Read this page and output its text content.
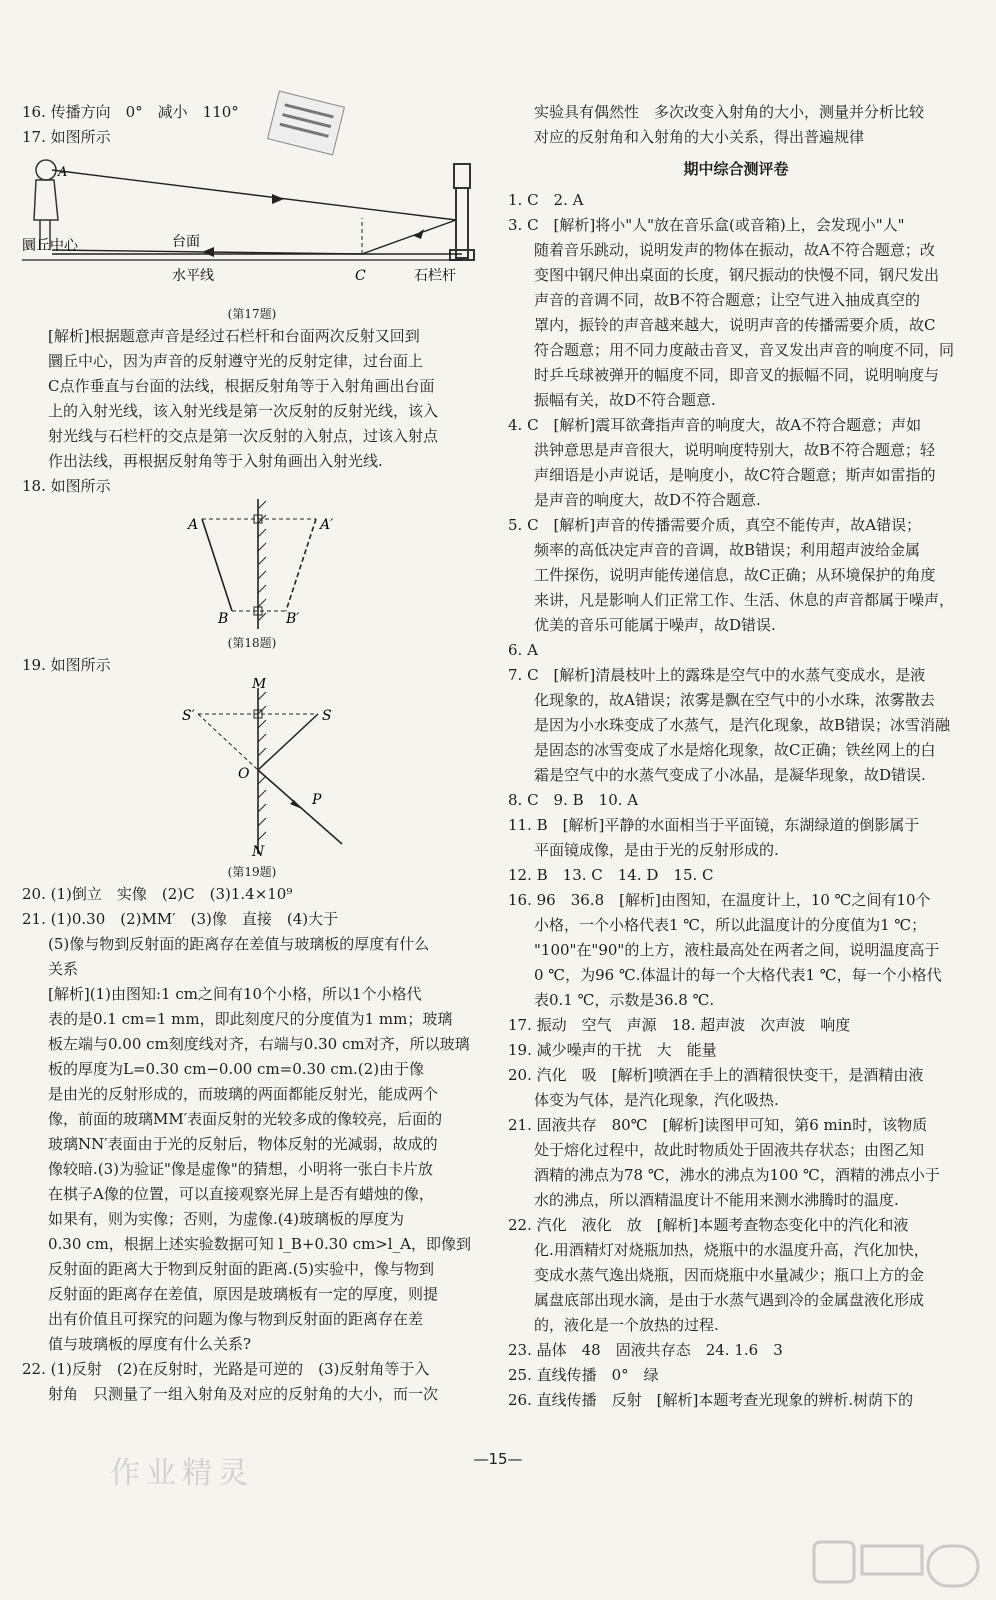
16. 传播方向　0°　减小　110°
17. 如图所示
A
C
圜丘中心	台面
水平线	石栏杆
(第17题)
[解析]根据题意声音是经过石栏杆和台面两次反射又回到
圜丘中心，因为声音的反射遵守光的反射定律，过台面上
C点作垂直与台面的法线，根据反射角等于入射角画出台面
上的入射光线，该入射光线是第一次反射的反射光线，该入
射光线与石栏杆的交点是第一次反射的入射点，过该入射点
作出法线，再根据反射角等于入射角画出入射光线.
18. 如图所示
A	A′
B	B′
(第18题)
19. 如图所示
M
N
S
S′
O
P
(第19题)
20. (1)倒立　实像　(2)C　(3)1.4×10⁹
21. (1)0.30　(2)MM′　(3)像　直接　(4)大于
(5)像与物到反射面的距离存在差值与玻璃板的厚度有什么
关系
[解析](1)由图知:1 cm之间有10个小格，所以1个小格代
表的是0.1 cm=1 mm，即此刻度尺的分度值为1 mm；玻璃
板左端与0.00 cm刻度线对齐，右端与0.30 cm对齐，所以玻璃
板的厚度为L=0.30 cm−0.00 cm=0.30 cm.(2)由于像
是由光的反射形成的，而玻璃的两面都能反射光，能成两个
像，前面的玻璃MM′表面反射的光较多成的像较亮，后面的
玻璃NN′表面由于光的反射后，物体反射的光减弱，故成的
像较暗.(3)为验证"像是虚像"的猜想，小明将一张白卡片放
在棋子A像的位置，可以直接观察光屏上是否有蜡烛的像，
如果有，则为实像；否则，为虚像.(4)玻璃板的厚度为
0.30 cm，根据上述实验数据可知 l_B+0.30 cm>l_A，即像到
反射面的距离大于物到反射面的距离.(5)实验中，像与物到
反射面的距离存在差值，原因是玻璃板有一定的厚度，则提
出有价值且可探究的问题为像与物到反射面的距离存在差
值与玻璃板的厚度有什么关系?
22. (1)反射　(2)在反射时，光路是可逆的　(3)反射角等于入
射角　只测量了一组入射角及对应的反射角的大小，而一次
实验具有偶然性　多次改变入射角的大小，测量并分析比较
对应的反射角和入射角的大小关系，得出普遍规律
期中综合测评卷
1. C　2. A
3. C　[解析]将小"人"放在音乐盒(或音箱)上，会发现小"人"
随着音乐跳动，说明发声的物体在振动，故A不符合题意；改
变图中钢尺伸出桌面的长度，钢尺振动的快慢不同，钢尺发出
声音的音调不同，故B不符合题意；让空气进入抽成真空的
罩内，振铃的声音越来越大，说明声音的传播需要介质，故C
符合题意；用不同力度敲击音叉，音叉发出声音的响度不同，同
时乒乓球被弹开的幅度不同，即音叉的振幅不同，说明响度与
振幅有关，故D不符合题意.
4. C　[解析]震耳欲聋指声音的响度大，故A不符合题意；声如
洪钟意思是声音很大，说明响度特别大，故B不符合题意；轻
声细语是小声说话，是响度小，故C符合题意；斯声如雷指的
是声音的响度大，故D不符合题意.
5. C　[解析]声音的传播需要介质，真空不能传声，故A错误；
频率的高低决定声音的音调，故B错误；利用超声波给金属
工件探伤，说明声能传递信息，故C正确；从环境保护的角度
来讲，凡是影响人们正常工作、生活、休息的声音都属于噪声，
优美的音乐可能属于噪声，故D错误.
6. A
7. C　[解析]清晨枝叶上的露珠是空气中的水蒸气变成水，是液
化现象的，故A错误；浓雾是飘在空气中的小水珠，浓雾散去
是因为小水珠变成了水蒸气，是汽化现象，故B错误；冰雪消融
是固态的冰雪变成了水是熔化现象，故C正确；铁丝网上的白
霜是空气中的水蒸气变成了小冰晶，是凝华现象，故D错误.
8. C　9. B　10. A
11. B　[解析]平静的水面相当于平面镜，东湖绿道的倒影属于
平面镜成像，是由于光的反射形成的.
12. B　13. C　14. D　15. C
16. 96　36.8　[解析]由图知，在温度计上，10 ℃之间有10个
小格，一个小格代表1 ℃，所以此温度计的分度值为1 ℃；
"100"在"90"的上方，液柱最高处在两者之间，说明温度高于
0 ℃，为96 ℃.体温计的每一个大格代表1 ℃，每一个小格代
表0.1 ℃，示数是36.8 ℃.
17. 振动　空气　声源　18. 超声波　次声波　响度
19. 减少噪声的干扰　大　能量
20. 汽化　吸　[解析]喷洒在手上的酒精很快变干，是酒精由液
体变为气体，是汽化现象，汽化吸热.
21. 固液共存　80℃　[解析]读图甲可知，第6 min时，该物质
处于熔化过程中，故此时物质处于固液共存状态；由图乙知
酒精的沸点为78 ℃，沸水的沸点为100 ℃，酒精的沸点小于
水的沸点，所以酒精温度计不能用来测水沸腾时的温度.
22. 汽化　液化　放　[解析]本题考查物态变化中的汽化和液
化.用酒精灯对烧瓶加热，烧瓶中的水温度升高，汽化加快，
变成水蒸气逸出烧瓶，因而烧瓶中水量减少；瓶口上方的金
属盘底部出现水滴，是由于水蒸气遇到冷的金属盘液化形成
的，液化是一个放热的过程.
23. 晶体　48　固液共存态　24. 1.6　3
25. 直线传播　0°　绿
26. 直线传播　反射　[解析]本题考查光现象的辨析.树荫下的
—15—
作业精灵
